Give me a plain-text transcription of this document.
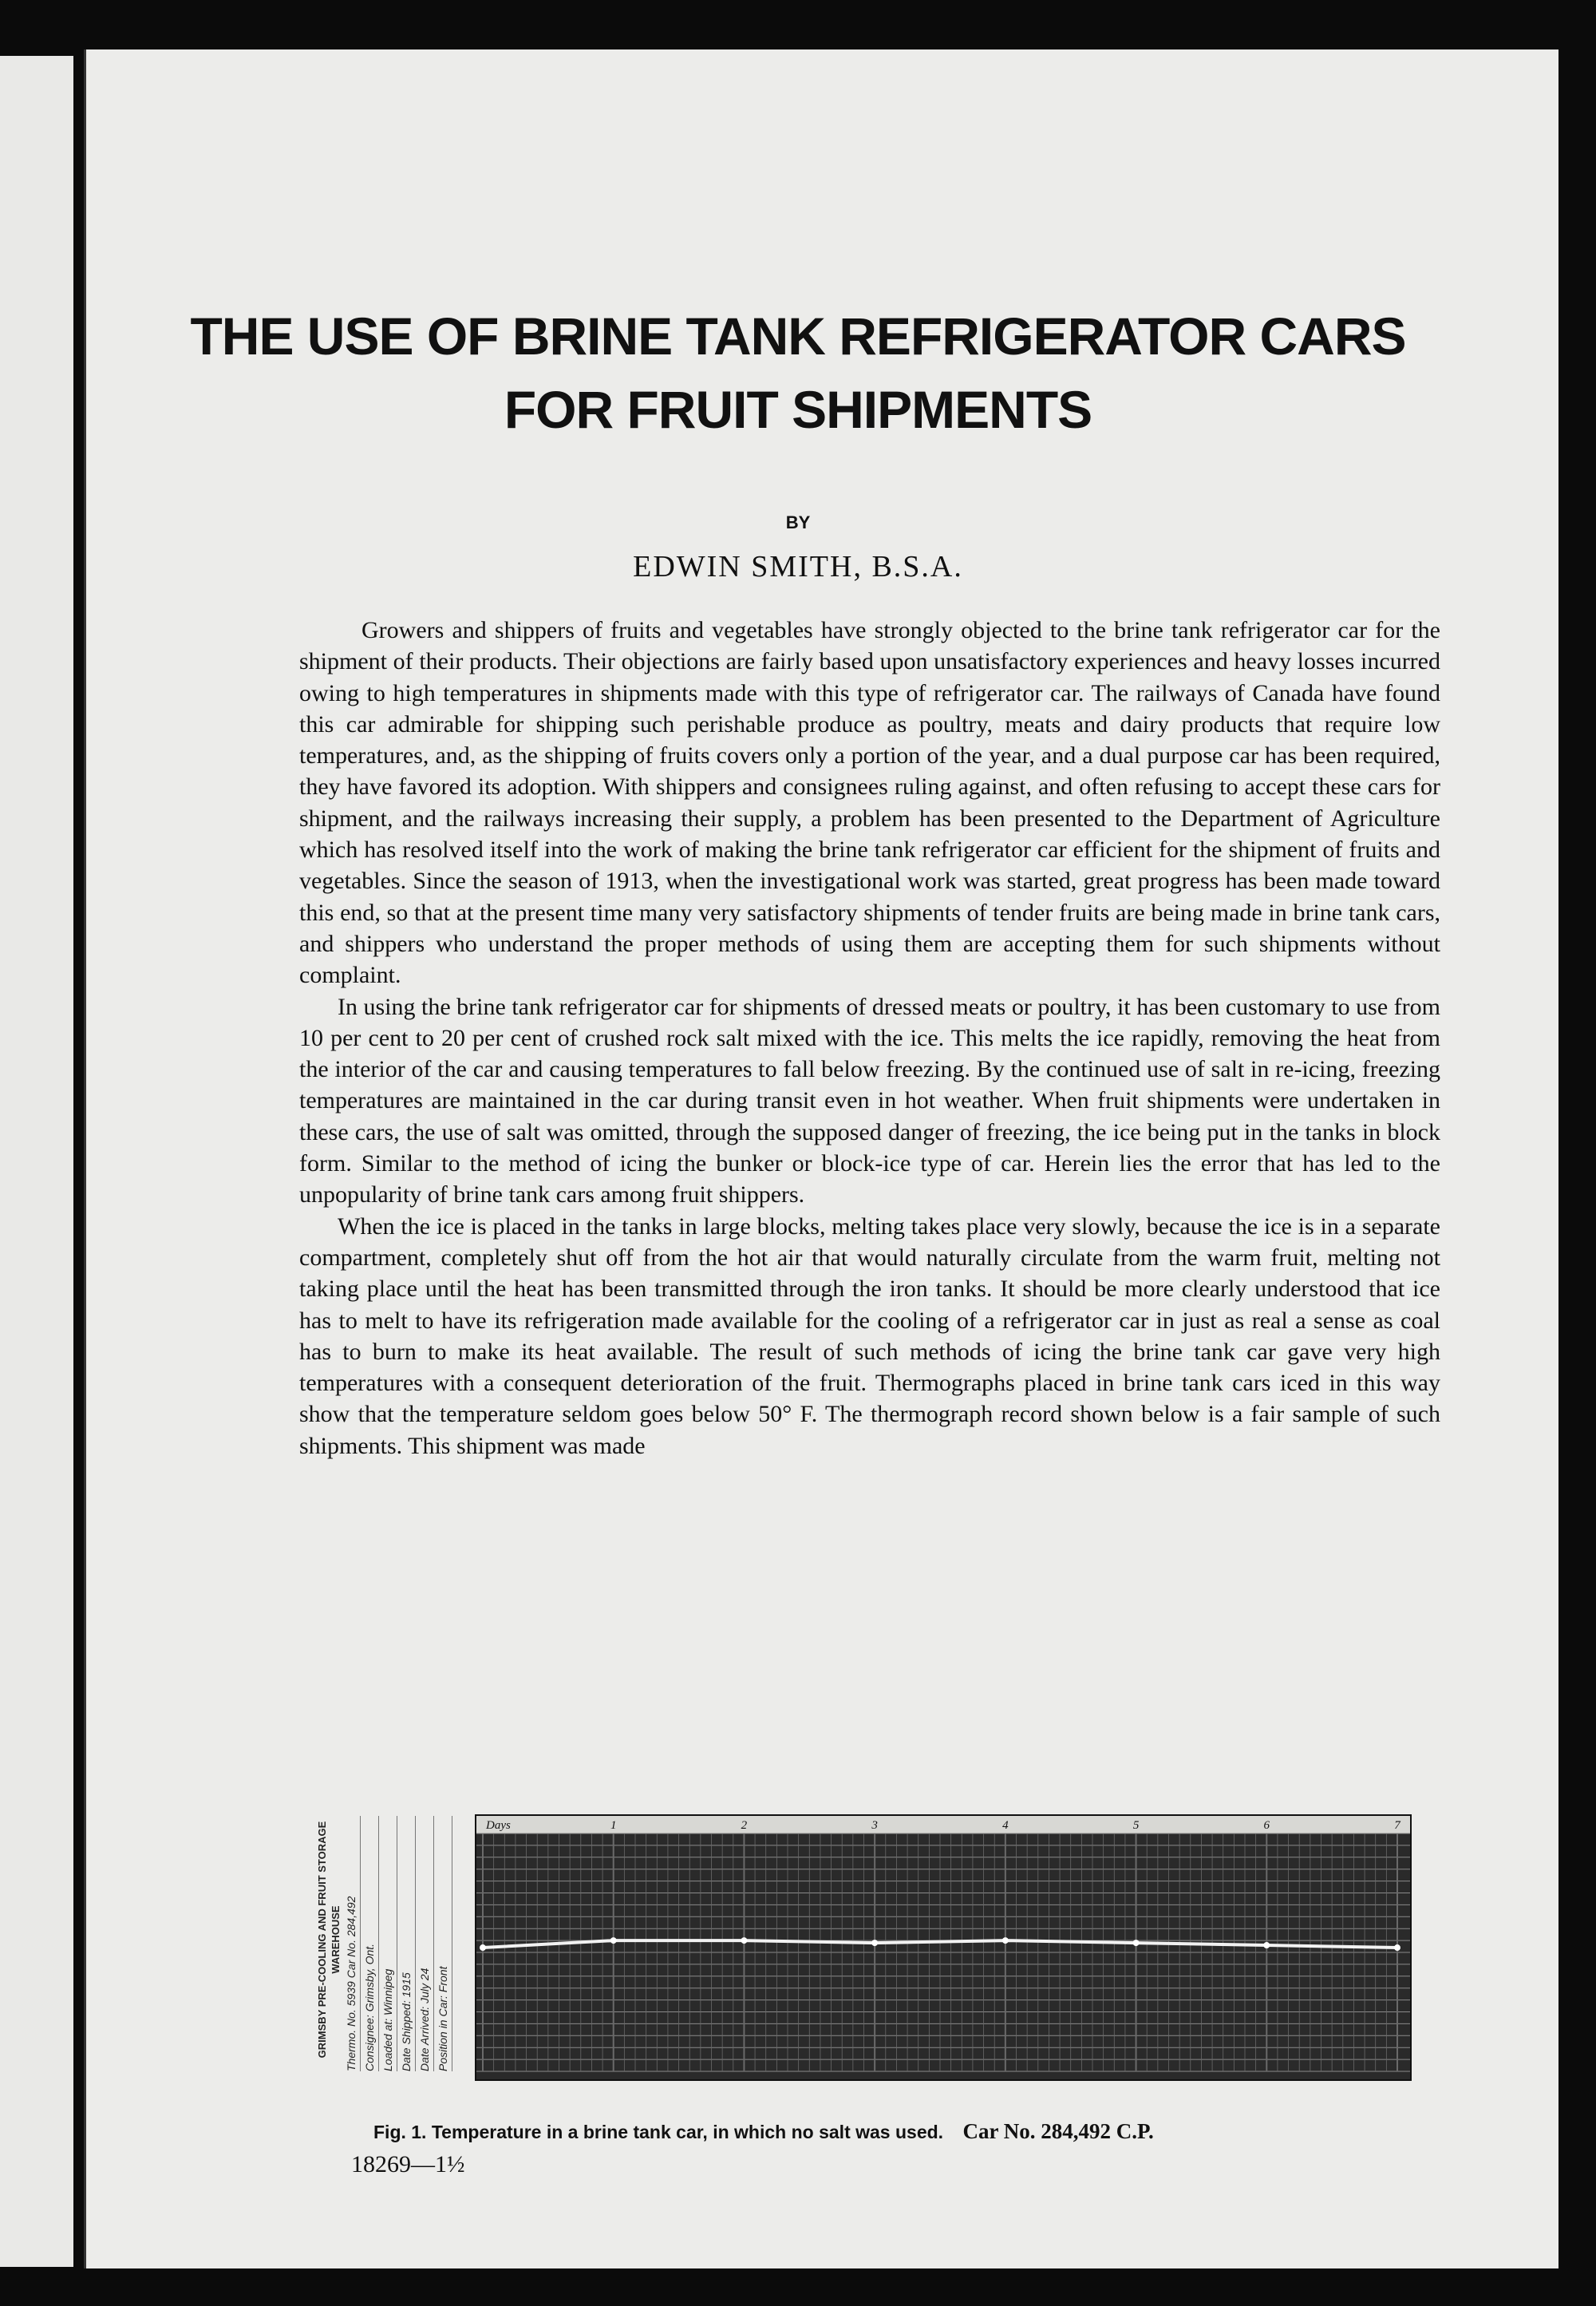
THE USE OF BRINE TANK REFRIGERATOR CARS
FOR FRUIT SHIPMENTS
BY
EDWIN SMITH, B.S.A.

Growers and shippers of fruits and vegetables have strongly objected to the brine tank refrigerator car for the shipment of their products. Their objections are fairly based upon unsatisfactory experiences and heavy losses incurred owing to high temperatures in shipments made with this type of refrigerator car. The railways of Canada have found this car admirable for shipping such perishable produce as poultry, meats and dairy products that require low temperatures, and, as the shipping of fruits covers only a portion of the year, and a dual purpose car has been required, they have favored its adoption. With shippers and consignees ruling against, and often refusing to accept these cars for shipment, and the railways increasing their supply, a problem has been presented to the Department of Agriculture which has resolved itself into the work of making the brine tank refrigerator car efficient for the shipment of fruits and vegetables. Since the season of 1913, when the investigational work was started, great progress has been made toward this end, so that at the present time many very satisfactory shipments of tender fruits are being made in brine tank cars, and shippers who understand the proper methods of using them are accepting them for such shipments without complaint.

In using the brine tank refrigerator car for shipments of dressed meats or poultry, it has been customary to use from 10 per cent to 20 per cent of crushed rock salt mixed with the ice. This melts the ice rapidly, removing the heat from the interior of the car and causing temperatures to fall below freezing. By the continued use of salt in re-icing, freezing temperatures are maintained in the car during transit even in hot weather. When fruit shipments were undertaken in these cars, the use of salt was omitted, through the supposed danger of freezing, the ice being put in the tanks in block form. Similar to the method of icing the bunker or block-ice type of car. Herein lies the error that has led to the unpopularity of brine tank cars among fruit shippers.

When the ice is placed in the tanks in large blocks, melting takes place very slowly, because the ice is in a separate compartment, completely shut off from the hot air that would naturally circulate from the warm fruit, melting not taking place until the heat has been transmitted through the iron tanks. It should be more clearly understood that ice has to melt to have its refrigeration made available for the cooling of a refrigerator car in just as real a sense as coal has to burn to make its heat available. The result of such methods of icing the brine tank car gave very high temperatures with a consequent deterioration of the fruit. Thermographs placed in brine tank cars iced in this way show that the temperature seldom goes below 50° F. The thermograph record shown below is a fair sample of such shipments. This shipment was made

GRIMSBY PRE-COOLING AND FRUIT STORAGE WAREHOUSE Thermo. No. 5939 Car No. 284,492 Consignee: Grimsby, Ont. Loaded at: Winnipeg Date Shipped: 1915 Date Arrived: July 24 Position in Car: Front
Days	1	2	3	4	5	6	7
Fig. 1. Temperature in a brine tank car, in which no salt was used. Car No. 284,492 C.P.
18269—1½
